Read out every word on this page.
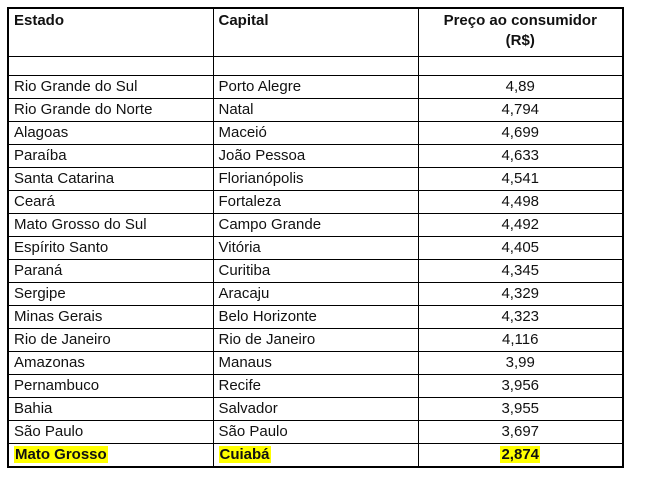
Estado	Capital	Preço ao consumidor
(R$)

Rio Grande do Sul	Porto Alegre	4,89
Rio Grande do Norte	Natal	4,794
Alagoas	Maceió	4,699
Paraíba	João Pessoa	4,633
Santa Catarina	Florianópolis	4,541
Ceará	Fortaleza	4,498
Mato Grosso do Sul	Campo Grande	4,492
Espírito Santo	Vitória	4,405
Paraná	Curitiba	4,345
Sergipe	Aracaju	4,329
Minas Gerais	Belo Horizonte	4,323
Rio de Janeiro	Rio de Janeiro	4,116
Amazonas	Manaus	3,99
Pernambuco	Recife	3,956
Bahia	Salvador	3,955
São Paulo	São Paulo	3,697
Mato Grosso	Cuiabá	2,874
